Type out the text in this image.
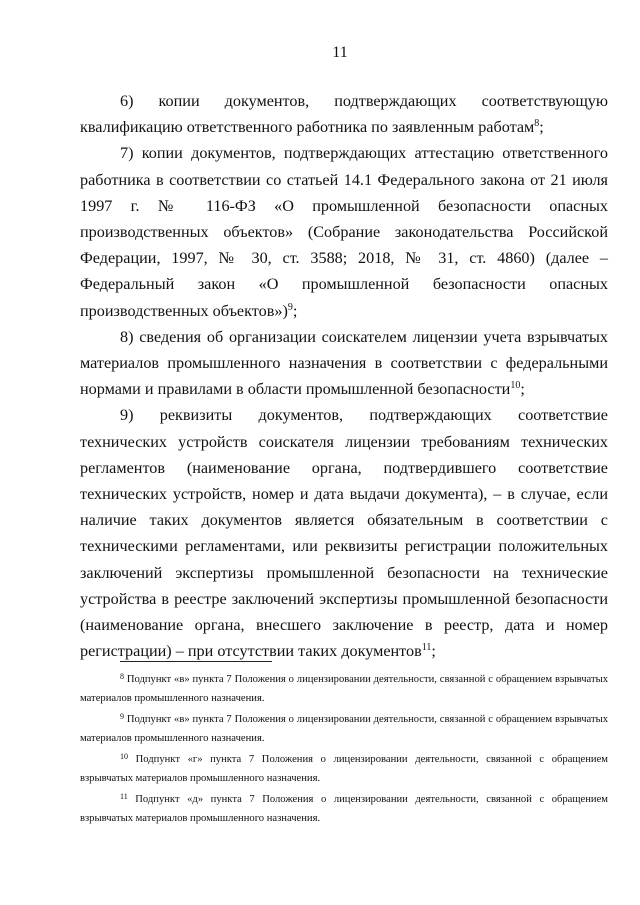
11

6) копии документов, подтверждающих соответствующую квалификацию ответственного работника по заявленным работам$^8$;

7) копии документов, подтверждающих аттестацию ответственного работника в соответствии со статьей 14.1 Федерального закона от 21 июля 1997 г. № 116-ФЗ «О промышленной безопасности опасных производственных объектов» (Собрание законодательства Российской Федерации, 1997, № 30, ст. 3588; 2018, № 31, ст. 4860) (далее – Федеральный закон «О промышленной безопасности опасных производственных объектов»)$^9$;

8) сведения об организации соискателем лицензии учета взрывчатых материалов промышленного назначения в соответствии с федеральными нормами и правилами в области промышленной безопасности$^{10}$;

9) реквизиты документов, подтверждающих соответствие технических устройств соискателя лицензии требованиям технических регламентов (наименование органа, подтвердившего соответствие технических устройств, номер и дата выдачи документа), – в случае, если наличие таких документов является обязательным в соответствии с техническими регламентами, или реквизиты регистрации положительных заключений экспертизы промышленной безопасности на технические устройства в реестре заключений экспертизы промышленной безопасности (наименование органа, внесшего заключение в реестр, дата и номер регистрации) – при отсутствии таких документов$^{11}$;

$^8$ Подпункт «в» пункта 7 Положения о лицензировании деятельности, связанной с обращением взрывчатых материалов промышленного назначения.

$^9$ Подпункт «в» пункта 7 Положения о лицензировании деятельности, связанной с обращением взрывчатых материалов промышленного назначения.

$^{10}$ Подпункт «г» пункта 7 Положения о лицензировании деятельности, связанной с обращением взрывчатых материалов промышленного назначения.

$^{11}$ Подпункт «д» пункта 7 Положения о лицензировании деятельности, связанной с обращением взрывчатых материалов промышленного назначения.
